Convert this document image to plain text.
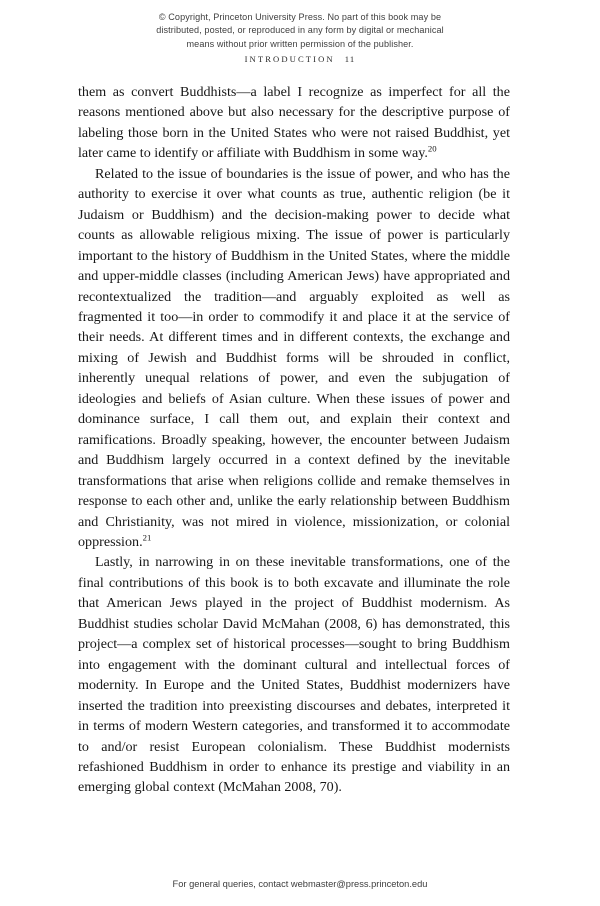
© Copyright, Princeton University Press. No part of this book may be
distributed, posted, or reproduced in any form by digital or mechanical
means without prior written permission of the publisher.
INTRODUCTION 11

them as convert Buddhists—a label I recognize as imperfect for all the reasons mentioned above but also necessary for the descriptive purpose of labeling those born in the United States who were not raised Buddhist, yet later came to identify or affiliate with Buddhism in some way.$^{20}$

Related to the issue of boundaries is the issue of power, and who has the authority to exercise it over what counts as true, authentic religion (be it Judaism or Buddhism) and the decision-making power to decide what counts as allowable religious mixing. The issue of power is particularly important to the history of Buddhism in the United States, where the middle and upper-middle classes (including American Jews) have appropriated and recontextualized the tradition—and arguably exploited as well as fragmented it too—in order to commodify it and place it at the service of their needs. At different times and in different contexts, the exchange and mixing of Jewish and Buddhist forms will be shrouded in conflict, inherently unequal relations of power, and even the subjugation of ideologies and beliefs of Asian culture. When these issues of power and dominance surface, I call them out, and explain their context and ramifications. Broadly speaking, however, the encounter between Judaism and Buddhism largely occurred in a context defined by the inevitable transformations that arise when religions collide and remake themselves in response to each other and, unlike the early relationship between Buddhism and Christianity, was not mired in violence, missionization, or colonial oppression.$^{21}$

Lastly, in narrowing in on these inevitable transformations, one of the final contributions of this book is to both excavate and illuminate the role that American Jews played in the project of Buddhist modernism. As Buddhist studies scholar David McMahan (2008, 6) has demonstrated, this project—a complex set of historical processes—sought to bring Buddhism into engagement with the dominant cultural and intellectual forces of modernity. In Europe and the United States, Buddhist modernizers have inserted the tradition into preexisting discourses and debates, interpreted it in terms of modern Western categories, and transformed it to accommodate to and/or resist European colonialism. These Buddhist modernists refashioned Buddhism in order to enhance its prestige and viability in an emerging global context (McMahan 2008, 70).

For general queries, contact webmaster@press.princeton.edu
